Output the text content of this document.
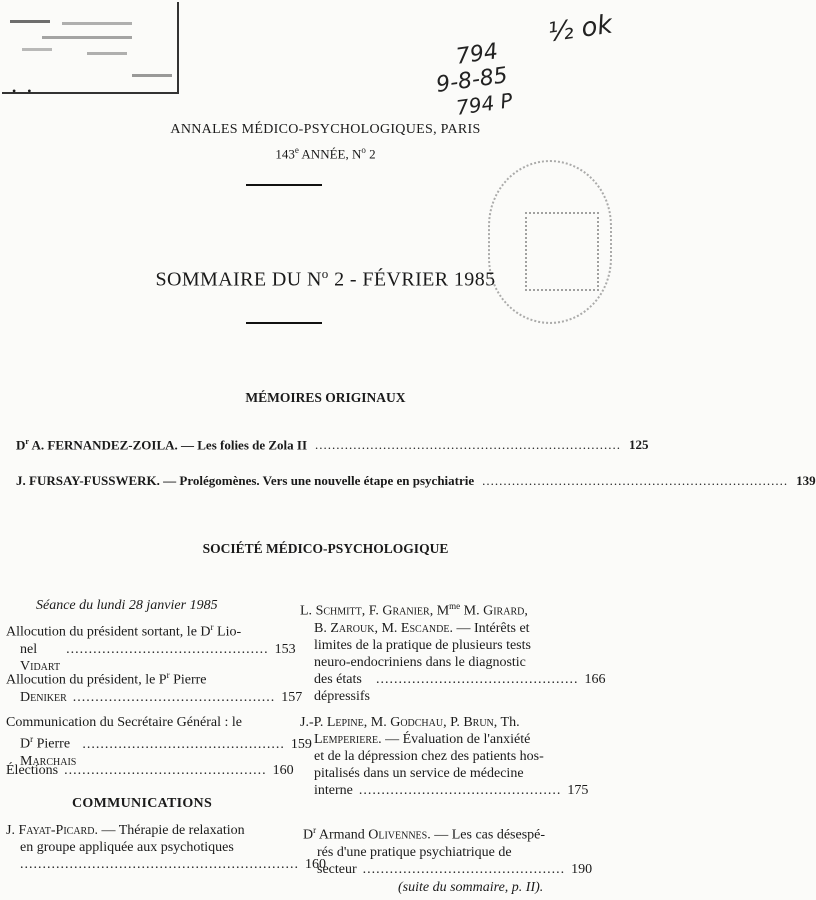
• •
½ ok
794
9-8-85
794 P
ANNALES MÉDICO-PSYCHOLOGIQUES, PARIS
143e ANNÉE, $N^o$ 2
SOMMAIRE DU $N^o$ 2 - FÉVRIER 1985
MÉMOIRES ORIGINAUX
$D^r$ A. FERNANDEZ-ZOILA. — Les folies de Zola II ........................................................................ 125
J. FURSAY-FUSSWERK. — Prolégomènes. Vers une nouvelle étape en psychiatrie ........................................................................ 139
SOCIÉTÉ MÉDICO-PSYCHOLOGIQUE
Séance du lundi 28 janvier 1985
Allocution du président sortant, le $D^r$ Lio-
nel Vidart
............................................. 153
Allocution du président, le $P^r$ Pierre
Deniker ............................................. 157
Communication du Secrétaire Général : le
$D^r$ Pierre Marchais
............................................. 159
Élections ............................................. 160
COMMUNICATIONS
J. Fayat-Picard. — Thérapie de relaxation
en groupe appliquée aux psychotiques
.............................................................. 160
L. Schmitt, F. Granier, $M^{me}$ M. Girard,
B. Zarouk, M. Escande. — Intérêts et
limites de la pratique de plusieurs tests
neuro-endocriniens dans le diagnostic
des états dépressifs
............................................. 166
J.-P. Lepine, M. Godchau, P. Brun, Th.
Lemperiere. — Évaluation de l'anxiété
et de la dépression chez des patients hos-
pitalisés dans un service de médecine
interne ............................................. 175
$D^r$ Armand Olivennes. — Les cas désespé-
rés d'une pratique psychiatrique de
secteur ............................................. 190
(suite du sommaire, p. II).
